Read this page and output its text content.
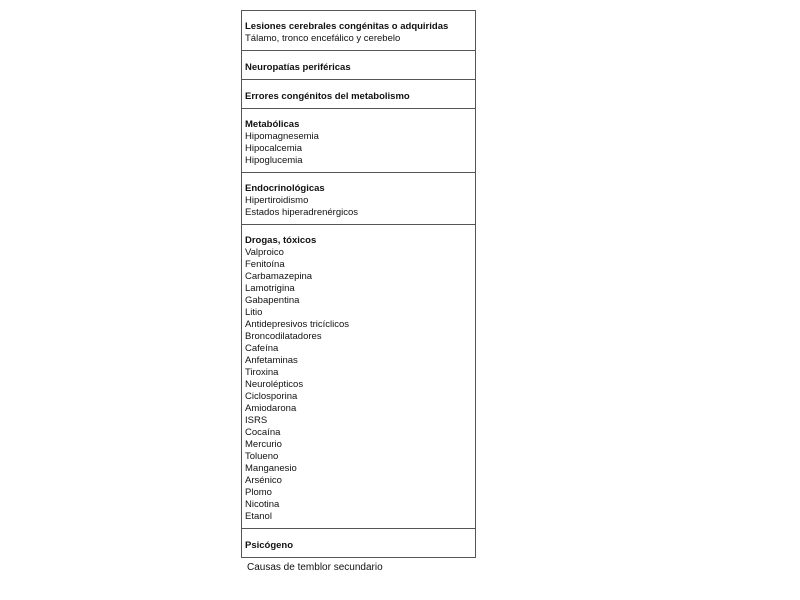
Lesiones cerebrales congénitas o adquiridas
Tálamo, tronco encefálico y cerebelo
Neuropatías periféricas
Errores congénitos del metabolismo
Metabólicas
Hipomagnesemia
Hipocalcemia
Hipoglucemia
Endocrinológicas
Hipertiroidismo
Estados hiperadrenérgicos
Drogas, tóxicos
Valproico
Fenitoína
Carbamazepina
Lamotrigina
Gabapentina
Litio
Antidepresivos tricíclicos
Broncodilatadores
Cafeína
Anfetaminas
Tiroxina
Neurolépticos
Ciclosporina
Amiodarona
ISRS
Cocaína
Mercurio
Tolueno
Manganesio
Arsénico
Plomo
Nicotina
Etanol
Psicógeno
Causas de temblor secundario
